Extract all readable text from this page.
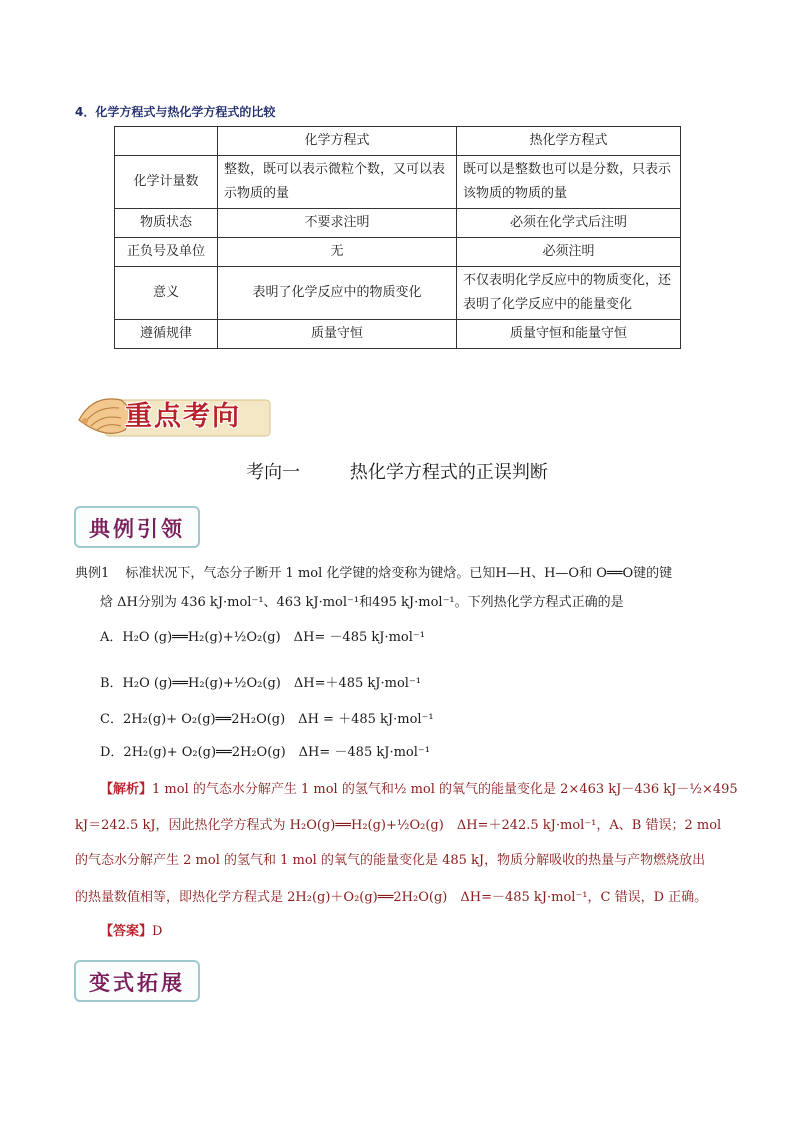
4．化学方程式与热化学方程式的比较
	化学方程式	热化学方程式
化学计量数	整数，既可以表示微粒个数，又可以表示物质的量	既可以是整数也可以是分数，只表示该物质的物质的量
物质状态	不要求注明	必须在化学式后注明
正负号及单位	无	必须注明
意义	表明了化学反应中的物质变化	不仅表明化学反应中的物质变化，还表明了化学反应中的能量变化
遵循规律	质量守恒	质量守恒和能量守恒
重点考向
考向一	热化学方程式的正误判断
典例引领
典例1 标准状况下，气态分子断开 1 mol 化学键的焓变称为键焓。已知H—H、H—O和 O══O键的键
焓 ΔH分别为 436 kJ·mol⁻¹、463 kJ·mol⁻¹和495 kJ·mol⁻¹。下列热化学方程式正确的是
A．H₂O (g)══H₂(g)+½O₂(g)　ΔH= －485 kJ·mol⁻¹
B．H₂O (g)══H₂(g)+½O₂(g)　ΔH=＋485 kJ·mol⁻¹
C．2H₂(g)+ O₂(g)══2H₂O(g)　ΔH = ＋485 kJ·mol⁻¹
D．2H₂(g)+ O₂(g)══2H₂O(g)　ΔH= －485 kJ·mol⁻¹
【解析】1 mol 的气态水分解产生 1 mol 的氢气和½ mol 的氧气的能量变化是 2×463 kJ－436 kJ－½×495
kJ＝242.5 kJ，因此热化学方程式为 H₂O(g)══H₂(g)+½O₂(g)　ΔH=＋242.5 kJ·mol⁻¹，A、B 错误；2 mol
的气态水分解产生 2 mol 的氢气和 1 mol 的氧气的能量变化是 485 kJ，物质分解吸收的热量与产物燃烧放出
的热量数值相等，即热化学方程式是 2H₂(g)＋O₂(g)══2H₂O(g)　ΔH=－485 kJ·mol⁻¹，C 错误，D 正确。
【答案】D
变式拓展
